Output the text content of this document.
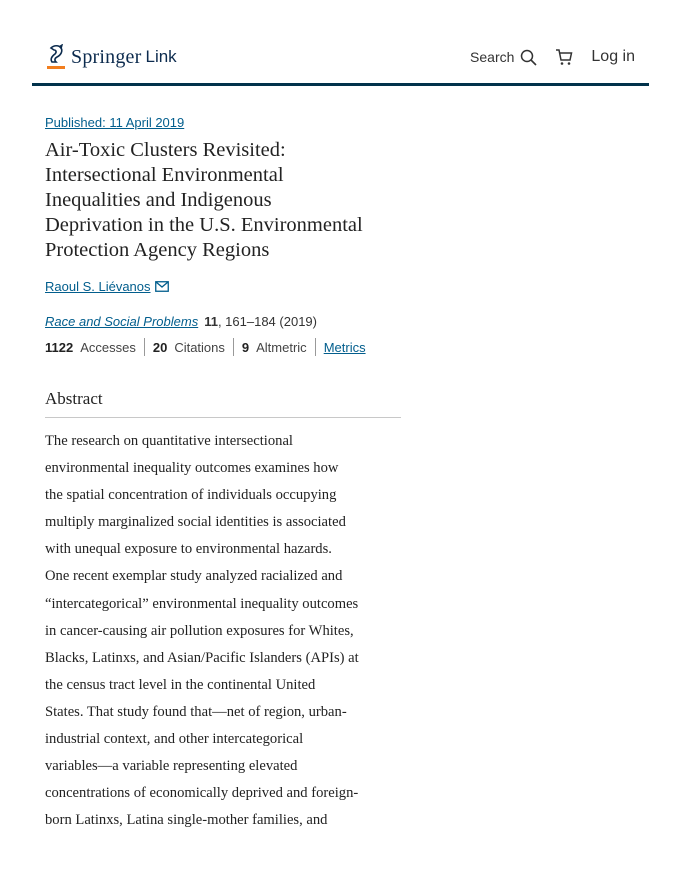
Springer Link	Search	Log in
Published: 11 April 2019
Air-Toxic Clusters Revisited:
Intersectional Environmental
Inequalities and Indigenous
Deprivation in the U.S. Environmental
Protection Agency Regions
Raoul S. Liévanos
Race and Social Problems 11, 161–184 (2019)
1122 Accesses 20 Citations 9 Altmetric Metrics
Abstract
The research on quantitative intersectional
environmental inequality outcomes examines how
the spatial concentration of individuals occupying
multiply marginalized social identities is associated
with unequal exposure to environmental hazards.
One recent exemplar study analyzed racialized and
“intercategorical” environmental inequality outcomes
in cancer-causing air pollution exposures for Whites,
Blacks, Latinxs, and Asian/Pacific Islanders (APIs) at
the census tract level in the continental United
States. That study found that—net of region, urban-
industrial context, and other intercategorical
variables—a variable representing elevated
concentrations of economically deprived and foreign-
born Latinxs, Latina single-mother families, and
